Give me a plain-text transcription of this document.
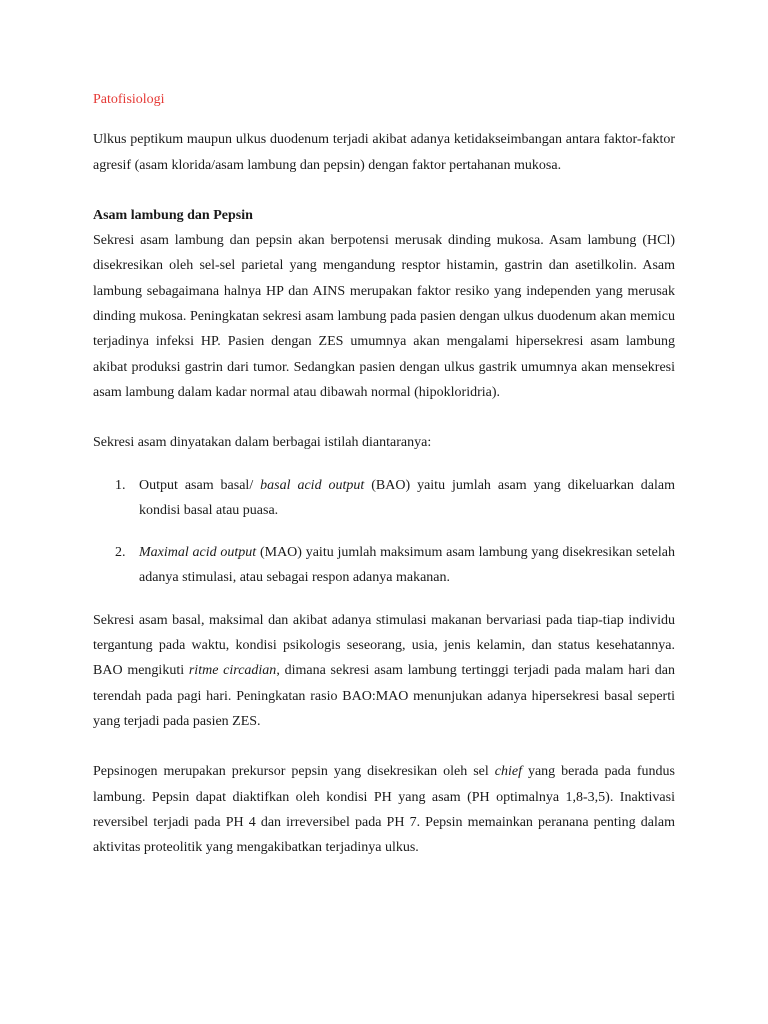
Patofisiologi

Ulkus peptikum maupun ulkus duodenum terjadi akibat adanya ketidakseimbangan antara faktor-faktor agresif (asam klorida/asam lambung dan pepsin) dengan faktor pertahanan mukosa.

Asam lambung dan Pepsin

Sekresi asam lambung dan pepsin akan berpotensi merusak dinding mukosa. Asam lambung (HCl) disekresikan oleh sel-sel parietal yang mengandung resptor histamin, gastrin dan asetilkolin. Asam lambung sebagaimana halnya HP dan AINS merupakan faktor resiko yang independen yang merusak dinding mukosa. Peningkatan sekresi asam lambung pada pasien dengan ulkus duodenum akan memicu terjadinya infeksi HP. Pasien dengan ZES umumnya akan mengalami hipersekresi asam lambung akibat produksi gastrin dari tumor. Sedangkan pasien dengan ulkus gastrik umumnya akan mensekresi asam lambung dalam kadar normal atau dibawah normal (hipokloridria).

Sekresi asam dinyatakan dalam berbagai istilah diantaranya:

1. Output asam basal/ basal acid output (BAO) yaitu jumlah asam yang dikeluarkan dalam kondisi basal atau puasa.
2. Maximal acid output (MAO) yaitu jumlah maksimum asam lambung yang disekresikan setelah adanya stimulasi, atau sebagai respon adanya makanan.

Sekresi asam basal, maksimal dan akibat adanya stimulasi makanan bervariasi pada tiap-tiap individu tergantung pada waktu, kondisi psikologis seseorang, usia, jenis kelamin, dan status kesehatannya. BAO mengikuti ritme circadian, dimana sekresi asam lambung tertinggi terjadi pada malam hari dan terendah pada pagi hari. Peningkatan rasio BAO:MAO menunjukan adanya hipersekresi basal seperti yang terjadi pada pasien ZES.

Pepsinogen merupakan prekursor pepsin yang disekresikan oleh sel chief yang berada pada fundus lambung. Pepsin dapat diaktifkan oleh kondisi PH yang asam (PH optimalnya 1,8-3,5). Inaktivasi reversibel terjadi pada PH 4 dan irreversibel pada PH 7. Pepsin memainkan peranana penting dalam aktivitas proteolitik yang mengakibatkan terjadinya ulkus.
